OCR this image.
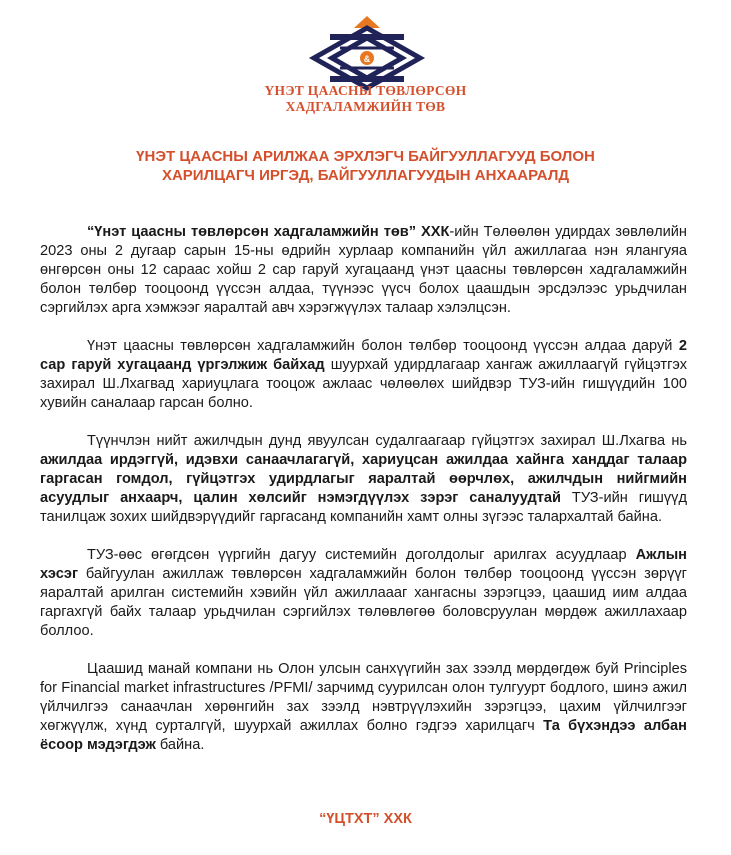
&
ҮНЭТ ЦААСНЫ ТӨВЛӨРСӨН
ХАДГАЛАМЖИЙН ТӨВ
ҮНЭТ ЦААСНЫ АРИЛЖАА ЭРХЛЭГЧ БАЙГУУЛЛАГУУД БОЛОН
ХАРИЛЦАГЧ ИРГЭД, БАЙГУУЛЛАГУУДЫН АНХААРАЛД

“Үнэт цаасны төвлөрсөн хадгаламжийн төв” ХХК-ийн Төлөөлөн удирдах зөвлөлийн 2023 оны 2 дугаар сарын 15-ны өдрийн хурлаар компанийн үйл ажиллагаа нэн ялангуяа өнгөрсөн оны 12 сараас хойш 2 сар гаруй хугацаанд үнэт цаасны төвлөрсөн хадгаламжийн болон төлбөр тооцоонд үүссэн алдаа, түүнээс үүсч болох цаашдын эрсдэлээс урьдчилан сэргийлэх арга хэмжээг яаралтай авч хэрэгжүүлэх талаар хэлэлцсэн.

Үнэт цаасны төвлөрсөн хадгаламжийн болон төлбөр тооцоонд үүссэн алдаа даруй 2 сар гаруй хугацаанд үргэлжиж байхад шуурхай удирдлагаар хангаж ажиллаагүй гүйцэтгэх захирал Ш.Лхагвад хариуцлага тооцож ажлаас чөлөөлөх шийдвэр ТУЗ-ийн гишүүдийн 100 хувийн саналаар гарсан болно.

Түүнчлэн нийт ажилчдын дунд явуулсан судалгаагаар гүйцэтгэх захирал Ш.Лхагва нь ажилдаа ирдэггүй, идэвхи санаачлагагүй, хариуцсан ажилдаа хайнга ханддаг талаар гаргасан гомдол, гүйцэтгэх удирдлагыг яаралтай өөрчлөх, ажилчдын нийгмийн асуудлыг анхаарч, цалин хөлсийг нэмэгдүүлэх зэрэг саналуудтай ТУЗ-ийн гишүүд танилцаж зохих шийдвэрүүдийг гаргасанд компанийн хамт олны зүгээс талархалтай байна.

ТУЗ-өөс өгөгдсөн үүргийн дагуу системийн доголдолыг арилгах асуудлаар Ажлын хэсэг байгуулан ажиллаж төвлөрсөн хадгаламжийн болон төлбөр тооцоонд үүссэн зөрүүг яаралтай арилган системийн хэвийн үйл ажиллаааг хангасны зэрэгцээ, цаашид иим алдаа гаргахгүй байх талаар урьдчилан сэргийлэх төлөвлөгөө боловсруулан мөрдөж ажиллахаар боллоо.

Цаашид манай компани нь Олон улсын санхүүгийн зах зээлд мөрдөгдөж буй Principles for Financial market infrastructures /PFMI/ зарчимд суурилсан олон тулгуурт бодлого, шинэ ажил үйлчилгээ санаачлан хөрөнгийн зах зээлд нэвтрүүлэхийн зэрэгцээ, цахим үйлчилгээг хөгжүүлж, хүнд сурталгүй, шуурхай ажиллах болно гэдгээ харилцагч Та бүхэндээ албан ёсоор мэдэгдэж байна.

“ҮЦТХТ” ХХК
